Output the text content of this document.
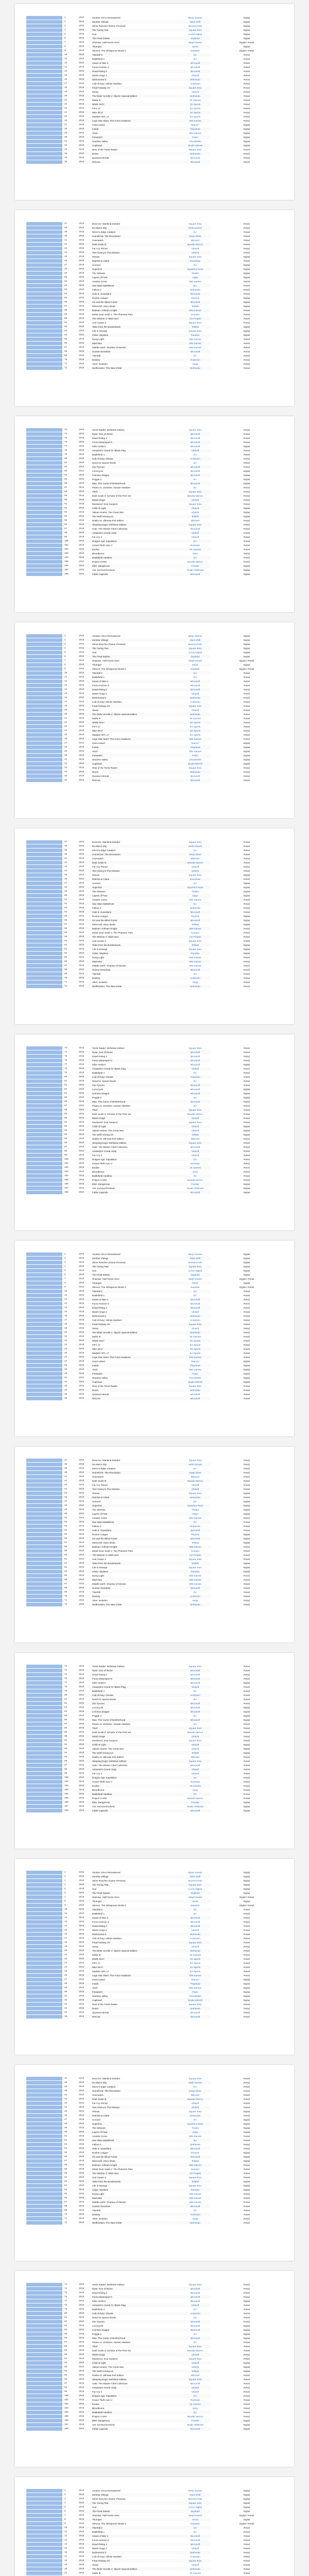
1	2016	Voodoo Vince Remastered	Beep Games	Digital
2	2016	Zombie Vikings	Stick Shift	Digital
3	2016	Slime Rancher (Game Preview)	Monomi Park	Digital
4	2016	The Turing Test	Square Enix	Digital
5	2016	Hue	Curve Digital	Digital
6	2016	The Final Station	tinyBuild	Digital
7	2016	Shantae: Half-Genie Hero	WayForward	Digital / Retail
8	2016	Thumper	Drool	Digital
9	2016	Silence: The Whispered World 2	Daedalic	Digital / Retail
10	2016	Titanfall 2	EA	Retail
11	2016	Battlefield 1	EA	Retail
12	2016	Gears of War 4	Microsoft	Retail
13	2016	Forza Horizon 3	Microsoft	Retail
14	2016	Dead Rising 4	Microsoft	Retail
15	2016	Watch Dogs 2	Ubisoft	Retail
16	2016	Dishonored 2	Bethesda	Retail
17	2016	Call of Duty: Infinite Warfare	Activision	Retail
18	2016	Final Fantasy XV	Square Enix	Retail
19	2016	Steep	Ubisoft	Retail
20	2016	The Elder Scrolls V: Skyrim Special Edition	Bethesda	Retail
21	2016	Mafia III	2K Games	Retail
22	2016	WWE 2K17	2K Sports	Retail
23	2016	FIFA 17	EA Sports	Retail
24	2016	NBA 2K17	2K Sports	Retail
25	2016	Madden NFL 17	EA Sports	Retail
26	2016	Lego Star Wars: The Force Awakens	WB Games	Retail
27	2016	Overcooked	Team17	Digital
28	2016	Inside	Playdead	Digital
29	2016	Abzû	505 Games	Digital
30	2016	Firewatch	Panic	Digital
31	2016	Stardew Valley	Chucklefish	Digital
32	2016	Cuphead	Studio MDHR	Digital
33	2016	Rise of the Tomb Raider	Square Enix	Retail
34	2016	Doom	Bethesda	Retail
35	2016	Quantum Break	Microsoft	Retail
36	2016	ReCore	Microsoft	Retail
37	2016	Deus Ex: Mankind Divided	Square Enix	Retail
38	2016	No Man's Sky	Hello Games	Retail
39	2016	Mirror's Edge Catalyst	EA	Retail
40	2016	Homefront: The Revolution	Deep Silver	Retail
41	2016	Overwatch	Blizzard	Retail
42	2016	Dark Souls III	Bandai Namco	Retail
43	2016	Far Cry Primal	Ubisoft	Retail
44	2016	Tom Clancy's The Division	Ubisoft	Retail
45	2016	Hitman	Square Enix	Digital
46	2016	Ratchet & Clank	Insomniac	Retail
47	2016	Unravel	EA	Digital
48	2016	Superhot	Superhot Team	Digital
49	2016	The Witness	Thekla	Digital
50	2016	Layers of Fear	Aspyr	Digital
51	2016	Assetto Corsa	505 Games	Retail
52	2016	Star Wars Battlefront	EA	Retail
53	2016	Fallout 4	Bethesda	Retail
54	2016	Halo 5: Guardians	Microsoft	Retail
55	2016	Rocket League	Psyonix	Digital
56	2016	Ori and the Blind Forest	Microsoft	Digital
57	2016	Minecraft: Story Mode	Telltale	Digital
58	2016	Batman: Arkham Knight	WB Games	Retail
59	2016	Metal Gear Solid V: The Phantom Pain	Konami	Retail
60	2016	The Witcher 3: Wild Hunt	CD Projekt	Retail
61	2016	Just Cause 3	Square Enix	Retail
62	2016	Tales from the Borderlands	Telltale	Digital
63	2016	Life is Strange	Square Enix	Digital
64	2016	Cities: Skylines	Paradox	Digital
65	2016	Dying Light	WB Games	Retail
66	2016	Mad Max	WB Games	Retail
67	2016	Middle-earth: Shadow of Mordor	WB Games	Retail
68	2016	Sunset Overdrive	Microsoft	Retail
69	2016	Titanfall	EA	Retail
70	2016	Destiny	Activision	Retail
71	2016	Alien: Isolation	Sega	Retail
72	2016	Wolfenstein: The New Order	Bethesda	Retail
73	2016	Tomb Raider: Definitive Edition	Square Enix	Retail
74	2016	Ryse: Son of Rome	Microsoft	Retail
75	2016	Dead Rising 3	Microsoft	Retail
76	2016	Forza Motorsport 5	Microsoft	Retail
77	2016	Killer Instinct	Microsoft	Digital
78	2016	Assassin's Creed IV: Black Flag	Ubisoft	Retail
79	2016	Battlefield 4	EA	Retail
80	2016	Call of Duty: Ghosts	Activision	Retail
81	2016	Need for Speed Rivals	EA	Retail
82	2016	Zoo Tycoon	Microsoft	Retail
83	2016	LocoCycle	Microsoft	Digital
84	2016	Crimson Dragon	Microsoft	Digital
85	2016	Peggle 2	EA	Digital
86	2016	Max: The Curse of Brotherhood	Microsoft	Digital
87	2016	Plants vs. Zombies: Garden Warfare	EA	Retail
88	2016	Thief	Square Enix	Retail
89	2016	Dark Souls II: Scholar of the First Sin	Bandai Namco	Retail
90	2016	Watch Dogs	Ubisoft	Retail
91	2016	Murdered: Soul Suspect	Square Enix	Retail
92	2016	Child of Light	Ubisoft	Digital
93	2016	Valiant Hearts: The Great War	Ubisoft	Digital
94	2016	The Wolf Among Us	Telltale	Digital
95	2016	Diablo III: Ultimate Evil Edition	Blizzard	Retail
96	2016	Sleeping Dogs: Definitive Edition	Square Enix	Retail
97	2016	Halo: The Master Chief Collection	Microsoft	Retail
98	2016	Assassin's Creed Unity	Ubisoft	Retail
99	2016	Far Cry 4	Ubisoft	Retail
100	2016	Dragon Age: Inquisition	EA	Retail
101	2016	Grand Theft Auto V	Rockstar	Retail
102	2016	Evolve	2K Games	Retail
103	2016	Bloodborne	Sony	Retail
104	2016	Battlefield Hardline	EA	Retail
105	2016	Project CARS	Bandai Namco	Retail
106	2016	Elite: Dangerous	Frontier	Digital
107	2016	Ark: Survival Evolved	Studio Wildcard	Digital
108	2016	Fable Legends	Microsoft	Digital
1	2016	Voodoo Vince Remastered	Beep Games	Digital
2	2016	Zombie Vikings	Stick Shift	Digital
3	2016	Slime Rancher (Game Preview)	Monomi Park	Digital
4	2016	The Turing Test	Square Enix	Digital
5	2016	Hue	Curve Digital	Digital
6	2016	The Final Station	tinyBuild	Digital
7	2016	Shantae: Half-Genie Hero	WayForward	Digital / Retail
8	2016	Thumper	Drool	Digital
9	2016	Silence: The Whispered World 2	Daedalic	Digital / Retail
10	2016	Titanfall 2	EA	Retail
11	2016	Battlefield 1	EA	Retail
12	2016	Gears of War 4	Microsoft	Retail
13	2016	Forza Horizon 3	Microsoft	Retail
14	2016	Dead Rising 4	Microsoft	Retail
15	2016	Watch Dogs 2	Ubisoft	Retail
16	2016	Dishonored 2	Bethesda	Retail
17	2016	Call of Duty: Infinite Warfare	Activision	Retail
18	2016	Final Fantasy XV	Square Enix	Retail
19	2016	Steep	Ubisoft	Retail
20	2016	The Elder Scrolls V: Skyrim Special Edition	Bethesda	Retail
21	2016	Mafia III	2K Games	Retail
22	2016	WWE 2K17	2K Sports	Retail
23	2016	FIFA 17	EA Sports	Retail
24	2016	NBA 2K17	2K Sports	Retail
25	2016	Madden NFL 17	EA Sports	Retail
26	2016	Lego Star Wars: The Force Awakens	WB Games	Retail
27	2016	Overcooked	Team17	Digital
28	2016	Inside	Playdead	Digital
29	2016	Abzû	505 Games	Digital
30	2016	Firewatch	Panic	Digital
31	2016	Stardew Valley	Chucklefish	Digital
32	2016	Cuphead	Studio MDHR	Digital
33	2016	Rise of the Tomb Raider	Square Enix	Retail
34	2016	Doom	Bethesda	Retail
35	2016	Quantum Break	Microsoft	Retail
36	2016	ReCore	Microsoft	Retail
37	2016	Deus Ex: Mankind Divided	Square Enix	Retail
38	2016	No Man's Sky	Hello Games	Retail
39	2016	Mirror's Edge Catalyst	EA	Retail
40	2016	Homefront: The Revolution	Deep Silver	Retail
41	2016	Overwatch	Blizzard	Retail
42	2016	Dark Souls III	Bandai Namco	Retail
43	2016	Far Cry Primal	Ubisoft	Retail
44	2016	Tom Clancy's The Division	Ubisoft	Retail
45	2016	Hitman	Square Enix	Digital
46	2016	Ratchet & Clank	Insomniac	Retail
47	2016	Unravel	EA	Digital
48	2016	Superhot	Superhot Team	Digital
49	2016	The Witness	Thekla	Digital
50	2016	Layers of Fear	Aspyr	Digital
51	2016	Assetto Corsa	505 Games	Retail
52	2016	Star Wars Battlefront	EA	Retail
53	2016	Fallout 4	Bethesda	Retail
54	2016	Halo 5: Guardians	Microsoft	Retail
55	2016	Rocket League	Psyonix	Digital
56	2016	Ori and the Blind Forest	Microsoft	Digital
57	2016	Minecraft: Story Mode	Telltale	Digital
58	2016	Batman: Arkham Knight	WB Games	Retail
59	2016	Metal Gear Solid V: The Phantom Pain	Konami	Retail
60	2016	The Witcher 3: Wild Hunt	CD Projekt	Retail
61	2016	Just Cause 3	Square Enix	Retail
62	2016	Tales from the Borderlands	Telltale	Digital
63	2016	Life is Strange	Square Enix	Digital
64	2016	Cities: Skylines	Paradox	Digital
65	2016	Dying Light	WB Games	Retail
66	2016	Mad Max	WB Games	Retail
67	2016	Middle-earth: Shadow of Mordor	WB Games	Retail
68	2016	Sunset Overdrive	Microsoft	Retail
69	2016	Titanfall	EA	Retail
70	2016	Destiny	Activision	Retail
71	2016	Alien: Isolation	Sega	Retail
72	2016	Wolfenstein: The New Order	Bethesda	Retail
73	2016	Tomb Raider: Definitive Edition	Square Enix	Retail
74	2016	Ryse: Son of Rome	Microsoft	Retail
75	2016	Dead Rising 3	Microsoft	Retail
76	2016	Forza Motorsport 5	Microsoft	Retail
77	2016	Killer Instinct	Microsoft	Digital
78	2016	Assassin's Creed IV: Black Flag	Ubisoft	Retail
79	2016	Battlefield 4	EA	Retail
80	2016	Call of Duty: Ghosts	Activision	Retail
81	2016	Need for Speed Rivals	EA	Retail
82	2016	Zoo Tycoon	Microsoft	Retail
83	2016	LocoCycle	Microsoft	Digital
84	2016	Crimson Dragon	Microsoft	Digital
85	2016	Peggle 2	EA	Digital
86	2016	Max: The Curse of Brotherhood	Microsoft	Digital
87	2016	Plants vs. Zombies: Garden Warfare	EA	Retail
88	2016	Thief	Square Enix	Retail
89	2016	Dark Souls II: Scholar of the First Sin	Bandai Namco	Retail
90	2016	Watch Dogs	Ubisoft	Retail
91	2016	Murdered: Soul Suspect	Square Enix	Retail
92	2016	Child of Light	Ubisoft	Digital
93	2016	Valiant Hearts: The Great War	Ubisoft	Digital
94	2016	The Wolf Among Us	Telltale	Digital
95	2016	Diablo III: Ultimate Evil Edition	Blizzard	Retail
96	2016	Sleeping Dogs: Definitive Edition	Square Enix	Retail
97	2016	Halo: The Master Chief Collection	Microsoft	Retail
98	2016	Assassin's Creed Unity	Ubisoft	Retail
99	2016	Far Cry 4	Ubisoft	Retail
100	2016	Dragon Age: Inquisition	EA	Retail
101	2016	Grand Theft Auto V	Rockstar	Retail
102	2016	Evolve	2K Games	Retail
103	2016	Bloodborne	Sony	Retail
104	2016	Battlefield Hardline	EA	Retail
105	2016	Project CARS	Bandai Namco	Retail
106	2016	Elite: Dangerous	Frontier	Digital
107	2016	Ark: Survival Evolved	Studio Wildcard	Digital
108	2016	Fable Legends	Microsoft	Digital
1	2016	Voodoo Vince Remastered	Beep Games	Digital
2	2016	Zombie Vikings	Stick Shift	Digital
3	2016	Slime Rancher (Game Preview)	Monomi Park	Digital
4	2016	The Turing Test	Square Enix	Digital
5	2016	Hue	Curve Digital	Digital
6	2016	The Final Station	tinyBuild	Digital
7	2016	Shantae: Half-Genie Hero	WayForward	Digital / Retail
8	2016	Thumper	Drool	Digital
9	2016	Silence: The Whispered World 2	Daedalic	Digital / Retail
10	2016	Titanfall 2	EA	Retail
11	2016	Battlefield 1	EA	Retail
12	2016	Gears of War 4	Microsoft	Retail
13	2016	Forza Horizon 3	Microsoft	Retail
14	2016	Dead Rising 4	Microsoft	Retail
15	2016	Watch Dogs 2	Ubisoft	Retail
16	2016	Dishonored 2	Bethesda	Retail
17	2016	Call of Duty: Infinite Warfare	Activision	Retail
18	2016	Final Fantasy XV	Square Enix	Retail
19	2016	Steep	Ubisoft	Retail
20	2016	The Elder Scrolls V: Skyrim Special Edition	Bethesda	Retail
21	2016	Mafia III	2K Games	Retail
22	2016	WWE 2K17	2K Sports	Retail
23	2016	FIFA 17	EA Sports	Retail
24	2016	NBA 2K17	2K Sports	Retail
25	2016	Madden NFL 17	EA Sports	Retail
26	2016	Lego Star Wars: The Force Awakens	WB Games	Retail
27	2016	Overcooked	Team17	Digital
28	2016	Inside	Playdead	Digital
29	2016	Abzû	505 Games	Digital
30	2016	Firewatch	Panic	Digital
31	2016	Stardew Valley	Chucklefish	Digital
32	2016	Cuphead	Studio MDHR	Digital
33	2016	Rise of the Tomb Raider	Square Enix	Retail
34	2016	Doom	Bethesda	Retail
35	2016	Quantum Break	Microsoft	Retail
36	2016	ReCore	Microsoft	Retail
37	2016	Deus Ex: Mankind Divided	Square Enix	Retail
38	2016	No Man's Sky	Hello Games	Retail
39	2016	Mirror's Edge Catalyst	EA	Retail
40	2016	Homefront: The Revolution	Deep Silver	Retail
41	2016	Overwatch	Blizzard	Retail
42	2016	Dark Souls III	Bandai Namco	Retail
43	2016	Far Cry Primal	Ubisoft	Retail
44	2016	Tom Clancy's The Division	Ubisoft	Retail
45	2016	Hitman	Square Enix	Digital
46	2016	Ratchet & Clank	Insomniac	Retail
47	2016	Unravel	EA	Digital
48	2016	Superhot	Superhot Team	Digital
49	2016	The Witness	Thekla	Digital
50	2016	Layers of Fear	Aspyr	Digital
51	2016	Assetto Corsa	505 Games	Retail
52	2016	Star Wars Battlefront	EA	Retail
53	2016	Fallout 4	Bethesda	Retail
54	2016	Halo 5: Guardians	Microsoft	Retail
55	2016	Rocket League	Psyonix	Digital
56	2016	Ori and the Blind Forest	Microsoft	Digital
57	2016	Minecraft: Story Mode	Telltale	Digital
58	2016	Batman: Arkham Knight	WB Games	Retail
59	2016	Metal Gear Solid V: The Phantom Pain	Konami	Retail
60	2016	The Witcher 3: Wild Hunt	CD Projekt	Retail
61	2016	Just Cause 3	Square Enix	Retail
62	2016	Tales from the Borderlands	Telltale	Digital
63	2016	Life is Strange	Square Enix	Digital
64	2016	Cities: Skylines	Paradox	Digital
65	2016	Dying Light	WB Games	Retail
66	2016	Mad Max	WB Games	Retail
67	2016	Middle-earth: Shadow of Mordor	WB Games	Retail
68	2016	Sunset Overdrive	Microsoft	Retail
69	2016	Titanfall	EA	Retail
70	2016	Destiny	Activision	Retail
71	2016	Alien: Isolation	Sega	Retail
72	2016	Wolfenstein: The New Order	Bethesda	Retail
73	2016	Tomb Raider: Definitive Edition	Square Enix	Retail
74	2016	Ryse: Son of Rome	Microsoft	Retail
75	2016	Dead Rising 3	Microsoft	Retail
76	2016	Forza Motorsport 5	Microsoft	Retail
77	2016	Killer Instinct	Microsoft	Digital
78	2016	Assassin's Creed IV: Black Flag	Ubisoft	Retail
79	2016	Battlefield 4	EA	Retail
80	2016	Call of Duty: Ghosts	Activision	Retail
81	2016	Need for Speed Rivals	EA	Retail
82	2016	Zoo Tycoon	Microsoft	Retail
83	2016	LocoCycle	Microsoft	Digital
84	2016	Crimson Dragon	Microsoft	Digital
85	2016	Peggle 2	EA	Digital
86	2016	Max: The Curse of Brotherhood	Microsoft	Digital
87	2016	Plants vs. Zombies: Garden Warfare	EA	Retail
88	2016	Thief	Square Enix	Retail
89	2016	Dark Souls II: Scholar of the First Sin	Bandai Namco	Retail
90	2016	Watch Dogs	Ubisoft	Retail
91	2016	Murdered: Soul Suspect	Square Enix	Retail
92	2016	Child of Light	Ubisoft	Digital
93	2016	Valiant Hearts: The Great War	Ubisoft	Digital
94	2016	The Wolf Among Us	Telltale	Digital
95	2016	Diablo III: Ultimate Evil Edition	Blizzard	Retail
96	2016	Sleeping Dogs: Definitive Edition	Square Enix	Retail
97	2016	Halo: The Master Chief Collection	Microsoft	Retail
98	2016	Assassin's Creed Unity	Ubisoft	Retail
99	2016	Far Cry 4	Ubisoft	Retail
100	2016	Dragon Age: Inquisition	EA	Retail
101	2016	Grand Theft Auto V	Rockstar	Retail
102	2016	Evolve	2K Games	Retail
103	2016	Bloodborne	Sony	Retail
104	2016	Battlefield Hardline	EA	Retail
105	2016	Project CARS	Bandai Namco	Retail
106	2016	Elite: Dangerous	Frontier	Digital
107	2016	Ark: Survival Evolved	Studio Wildcard	Digital
108	2016	Fable Legends	Microsoft	Digital
1	2016	Voodoo Vince Remastered	Beep Games	Digital
2	2016	Zombie Vikings	Stick Shift	Digital
3	2016	Slime Rancher (Game Preview)	Monomi Park	Digital
4	2016	The Turing Test	Square Enix	Digital
5	2016	Hue	Curve Digital	Digital
6	2016	The Final Station	tinyBuild	Digital
7	2016	Shantae: Half-Genie Hero	WayForward	Digital / Retail
8	2016	Thumper	Drool	Digital
9	2016	Silence: The Whispered World 2	Daedalic	Digital / Retail
10	2016	Titanfall 2	EA	Retail
11	2016	Battlefield 1	EA	Retail
12	2016	Gears of War 4	Microsoft	Retail
13	2016	Forza Horizon 3	Microsoft	Retail
14	2016	Dead Rising 4	Microsoft	Retail
15	2016	Watch Dogs 2	Ubisoft	Retail
16	2016	Dishonored 2	Bethesda	Retail
17	2016	Call of Duty: Infinite Warfare	Activision	Retail
18	2016	Final Fantasy XV	Square Enix	Retail
19	2016	Steep	Ubisoft	Retail
20	2016	The Elder Scrolls V: Skyrim Special Edition	Bethesda	Retail
21	2016	Mafia III	2K Games	Retail
22	2016	WWE 2K17	2K Sports	Retail
23	2016	FIFA 17	EA Sports	Retail
24	2016	NBA 2K17	2K Sports	Retail
25	2016	Madden NFL 17	EA Sports	Retail
26	2016	Lego Star Wars: The Force Awakens	WB Games	Retail
27	2016	Overcooked	Team17	Digital
28	2016	Inside	Playdead	Digital
29	2016	Abzû	505 Games	Digital
30	2016	Firewatch	Panic	Digital
31	2016	Stardew Valley	Chucklefish	Digital
32	2016	Cuphead	Studio MDHR	Digital
33	2016	Rise of the Tomb Raider	Square Enix	Retail
34	2016	Doom	Bethesda	Retail
35	2016	Quantum Break	Microsoft	Retail
36	2016	ReCore	Microsoft	Retail
37	2016	Deus Ex: Mankind Divided	Square Enix	Retail
38	2016	No Man's Sky	Hello Games	Retail
39	2016	Mirror's Edge Catalyst	EA	Retail
40	2016	Homefront: The Revolution	Deep Silver	Retail
41	2016	Overwatch	Blizzard	Retail
42	2016	Dark Souls III	Bandai Namco	Retail
43	2016	Far Cry Primal	Ubisoft	Retail
44	2016	Tom Clancy's The Division	Ubisoft	Retail
45	2016	Hitman	Square Enix	Digital
46	2016	Ratchet & Clank	Insomniac	Retail
47	2016	Unravel	EA	Digital
48	2016	Superhot	Superhot Team	Digital
49	2016	The Witness	Thekla	Digital
50	2016	Layers of Fear	Aspyr	Digital
51	2016	Assetto Corsa	505 Games	Retail
52	2016	Star Wars Battlefront	EA	Retail
53	2016	Fallout 4	Bethesda	Retail
54	2016	Halo 5: Guardians	Microsoft	Retail
55	2016	Rocket League	Psyonix	Digital
56	2016	Ori and the Blind Forest	Microsoft	Digital
57	2016	Minecraft: Story Mode	Telltale	Digital
58	2016	Batman: Arkham Knight	WB Games	Retail
59	2016	Metal Gear Solid V: The Phantom Pain	Konami	Retail
60	2016	The Witcher 3: Wild Hunt	CD Projekt	Retail
61	2016	Just Cause 3	Square Enix	Retail
62	2016	Tales from the Borderlands	Telltale	Digital
63	2016	Life is Strange	Square Enix	Digital
64	2016	Cities: Skylines	Paradox	Digital
65	2016	Dying Light	WB Games	Retail
66	2016	Mad Max	WB Games	Retail
67	2016	Middle-earth: Shadow of Mordor	WB Games	Retail
68	2016	Sunset Overdrive	Microsoft	Retail
69	2016	Titanfall	EA	Retail
70	2016	Destiny	Activision	Retail
71	2016	Alien: Isolation	Sega	Retail
72	2016	Wolfenstein: The New Order	Bethesda	Retail
73	2016	Tomb Raider: Definitive Edition	Square Enix	Retail
74	2016	Ryse: Son of Rome	Microsoft	Retail
75	2016	Dead Rising 3	Microsoft	Retail
76	2016	Forza Motorsport 5	Microsoft	Retail
77	2016	Killer Instinct	Microsoft	Digital
78	2016	Assassin's Creed IV: Black Flag	Ubisoft	Retail
79	2016	Battlefield 4	EA	Retail
80	2016	Call of Duty: Ghosts	Activision	Retail
81	2016	Need for Speed Rivals	EA	Retail
82	2016	Zoo Tycoon	Microsoft	Retail
83	2016	LocoCycle	Microsoft	Digital
84	2016	Crimson Dragon	Microsoft	Digital
85	2016	Peggle 2	EA	Digital
86	2016	Max: The Curse of Brotherhood	Microsoft	Digital
87	2016	Plants vs. Zombies: Garden Warfare	EA	Retail
88	2016	Thief	Square Enix	Retail
89	2016	Dark Souls II: Scholar of the First Sin	Bandai Namco	Retail
90	2016	Watch Dogs	Ubisoft	Retail
91	2016	Murdered: Soul Suspect	Square Enix	Retail
92	2016	Child of Light	Ubisoft	Digital
93	2016	Valiant Hearts: The Great War	Ubisoft	Digital
94	2016	The Wolf Among Us	Telltale	Digital
95	2016	Diablo III: Ultimate Evil Edition	Blizzard	Retail
96	2016	Sleeping Dogs: Definitive Edition	Square Enix	Retail
97	2016	Halo: The Master Chief Collection	Microsoft	Retail
98	2016	Assassin's Creed Unity	Ubisoft	Retail
99	2016	Far Cry 4	Ubisoft	Retail
100	2016	Dragon Age: Inquisition	EA	Retail
101	2016	Grand Theft Auto V	Rockstar	Retail
102	2016	Evolve	2K Games	Retail
103	2016	Bloodborne	Sony	Retail
104	2016	Battlefield Hardline	EA	Retail
105	2016	Project CARS	Bandai Namco	Retail
106	2016	Elite: Dangerous	Frontier	Digital
107	2016	Ark: Survival Evolved	Studio Wildcard	Digital
108	2016	Fable Legends	Microsoft	Digital
1	2016	Voodoo Vince Remastered	Beep Games	Digital
2	2016	Zombie Vikings	Stick Shift	Digital
3	2016	Slime Rancher (Game Preview)	Monomi Park	Digital
4	2016	The Turing Test	Square Enix	Digital
5	2016	Hue	Curve Digital	Digital
6	2016	The Final Station	tinyBuild	Digital
7	2016	Shantae: Half-Genie Hero	WayForward	Digital / Retail
8	2016	Thumper	Drool	Digital
9	2016	Silence: The Whispered World 2	Daedalic	Digital / Retail
10	2016	Titanfall 2	EA	Retail
11	2016	Battlefield 1	EA	Retail
12	2016	Gears of War 4	Microsoft	Retail
13	2016	Forza Horizon 3	Microsoft	Retail
14	2016	Dead Rising 4	Microsoft	Retail
15	2016	Watch Dogs 2	Ubisoft	Retail
16	2016	Dishonored 2	Bethesda	Retail
17	2016	Call of Duty: Infinite Warfare	Activision	Retail
18	2016	Final Fantasy XV	Square Enix	Retail
19	2016	Steep	Ubisoft	Retail
20	2016	The Elder Scrolls V: Skyrim Special Edition	Bethesda	Retail
21	2016	Mafia III	2K Games	Retail
